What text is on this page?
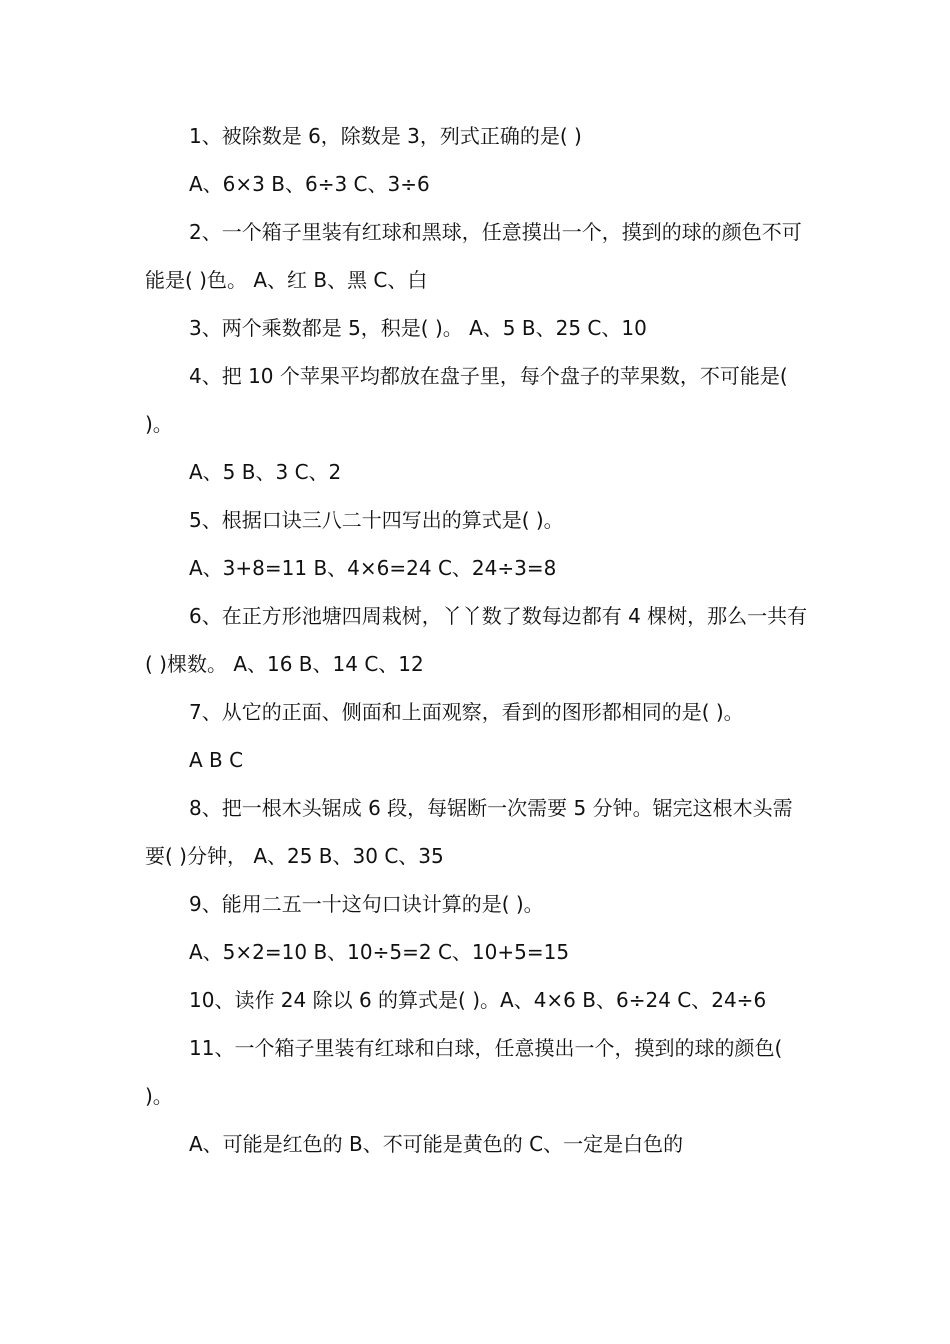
1、被除数是 6，除数是 3，列式正确的是( )

A、6×3 B、6÷3 C、3÷6

2、一个箱子里装有红球和黑球，任意摸出一个，摸到的球的颜色不可能是( )色。 A、红 B、黑 C、白

3、两个乘数都是 5，积是( )。 A、5 B、25 C、10

4、把 10 个苹果平均都放在盘子里，每个盘子的苹果数，不可能是( )。

A、5 B、3 C、2

5、根据口诀三八二十四写出的算式是( )。

A、3+8=11 B、4×6=24 C、24÷3=8

6、在正方形池塘四周栽树，丫丫数了数每边都有 4 棵树，那么一共有( )棵数。 A、16 B、14 C、12

7、从它的正面、侧面和上面观察，看到的图形都相同的是( )。

A B C

8、把一根木头锯成 6 段，每锯断一次需要 5 分钟。锯完这根木头需要( )分钟， A、25 B、30 C、35

9、能用二五一十这句口诀计算的是( )。

A、5×2=10 B、10÷5=2 C、10+5=15

10、读作 24 除以 6 的算式是( )。A、4×6 B、6÷24 C、24÷6

11、一个箱子里装有红球和白球，任意摸出一个，摸到的球的颜色( )。

A、可能是红色的 B、不可能是黄色的 C、一定是白色的
